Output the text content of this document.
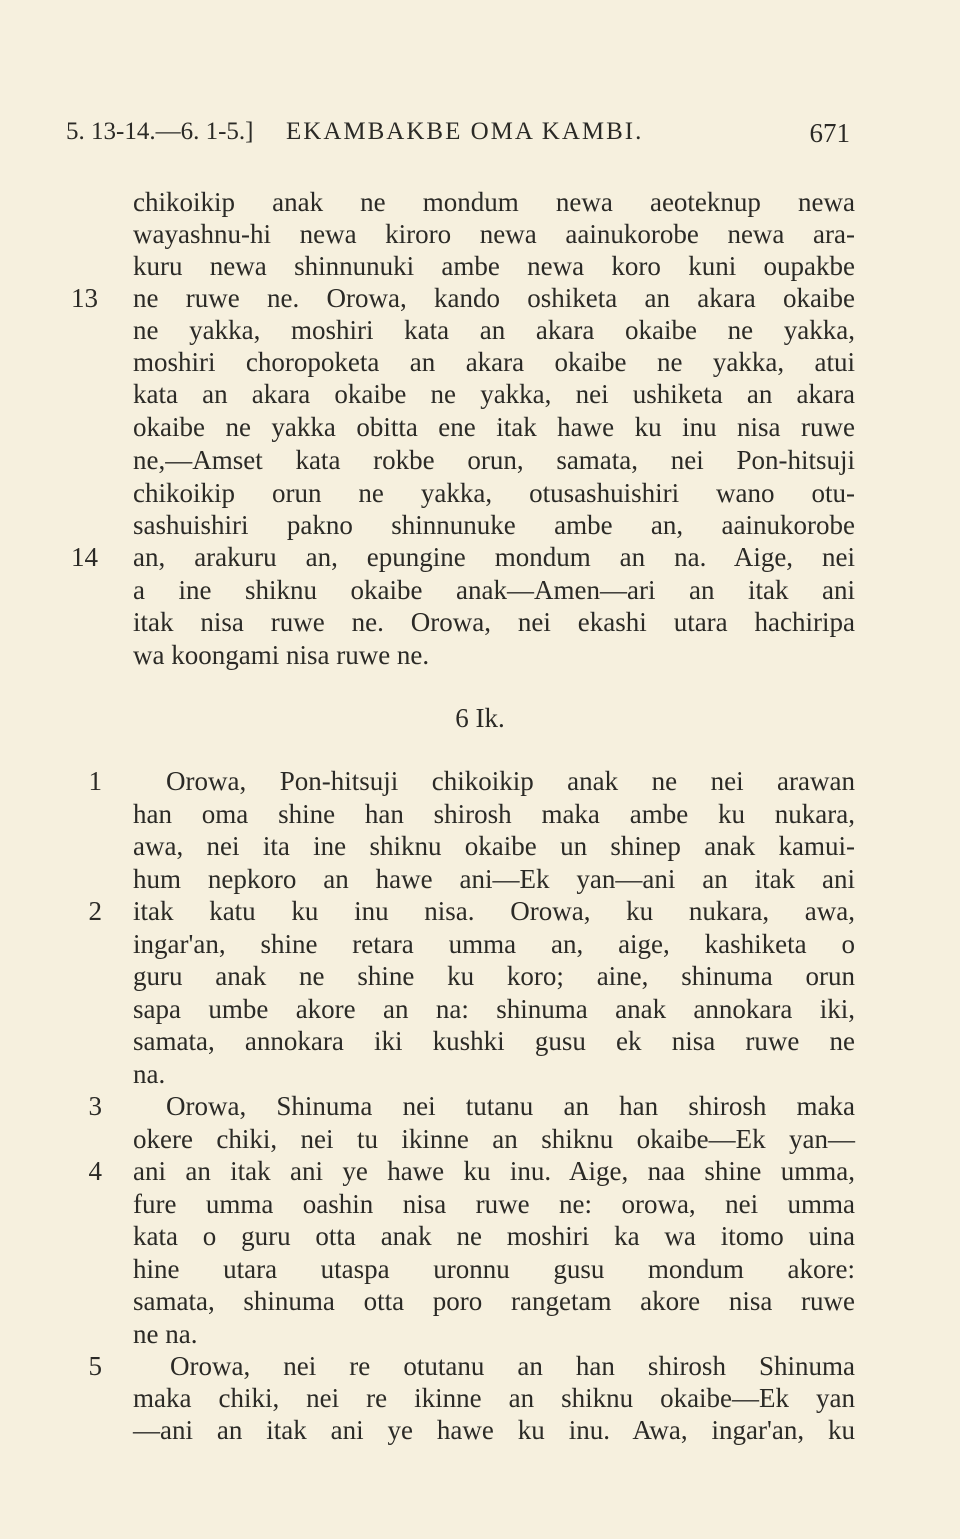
5. 13-14.—6. 1-5.] EKAMBAKBE OMA KAMBI.	671
13
14
1
2
3
4
5
chikoikip anak ne mondum newa aeoteknup newa
wayashnu-hi newa kiroro newa aainukorobe newa ara-
kuru newa shinnunuki ambe newa koro kuni oupakbe
ne ruwe ne. Orowa, kando oshiketa an akara okaibe
ne yakka, moshiri kata an akara okaibe ne yakka,
moshiri choropoketa an akara okaibe ne yakka, atui
kata an akara okaibe ne yakka, nei ushiketa an akara
okaibe ne yakka obitta ene itak hawe ku inu nisa ruwe
ne,—Amset kata rokbe orun, samata, nei Pon-hitsuji
chikoikip orun ne yakka, otusashuishiri wano otu-
sashuishiri pakno shinnunuke ambe an, aainukorobe
an, arakuru an, epungine mondum an na. Aige, nei
a ine shiknu okaibe anak—Amen—ari an itak ani
itak nisa ruwe ne. Orowa, nei ekashi utara hachiripa
wa koongami nisa ruwe ne.
6 Ik.
Orowa, Pon-hitsuji chikoikip anak ne nei arawan
han oma shine han shirosh maka ambe ku nukara,
awa, nei ita ine shiknu okaibe un shinep anak kamui-
hum nepkoro an hawe ani—Ek yan—ani an itak ani
itak katu ku inu nisa. Orowa, ku nukara, awa,
ingar'an, shine retara umma an, aige, kashiketa o
guru anak ne shine ku koro; aine, shinuma orun
sapa umbe akore an na: shinuma anak annokara iki,
samata, annokara iki kushki gusu ek nisa ruwe ne
na.
Orowa, Shinuma nei tutanu an han shirosh maka
okere chiki, nei tu ikinne an shiknu okaibe—Ek yan—
ani an itak ani ye hawe ku inu. Aige, naa shine umma,
fure umma oashin nisa ruwe ne: orowa, nei umma
kata o guru otta anak ne moshiri ka wa itomo uina
hine utara utaspa uronnu gusu mondum akore:
samata, shinuma otta poro rangetam akore nisa ruwe
ne na.
Orowa, nei re otutanu an han shirosh Shinuma
maka chiki, nei re ikinne an shiknu okaibe—Ek yan
—ani an itak ani ye hawe ku inu. Awa, ingar'an, ku
